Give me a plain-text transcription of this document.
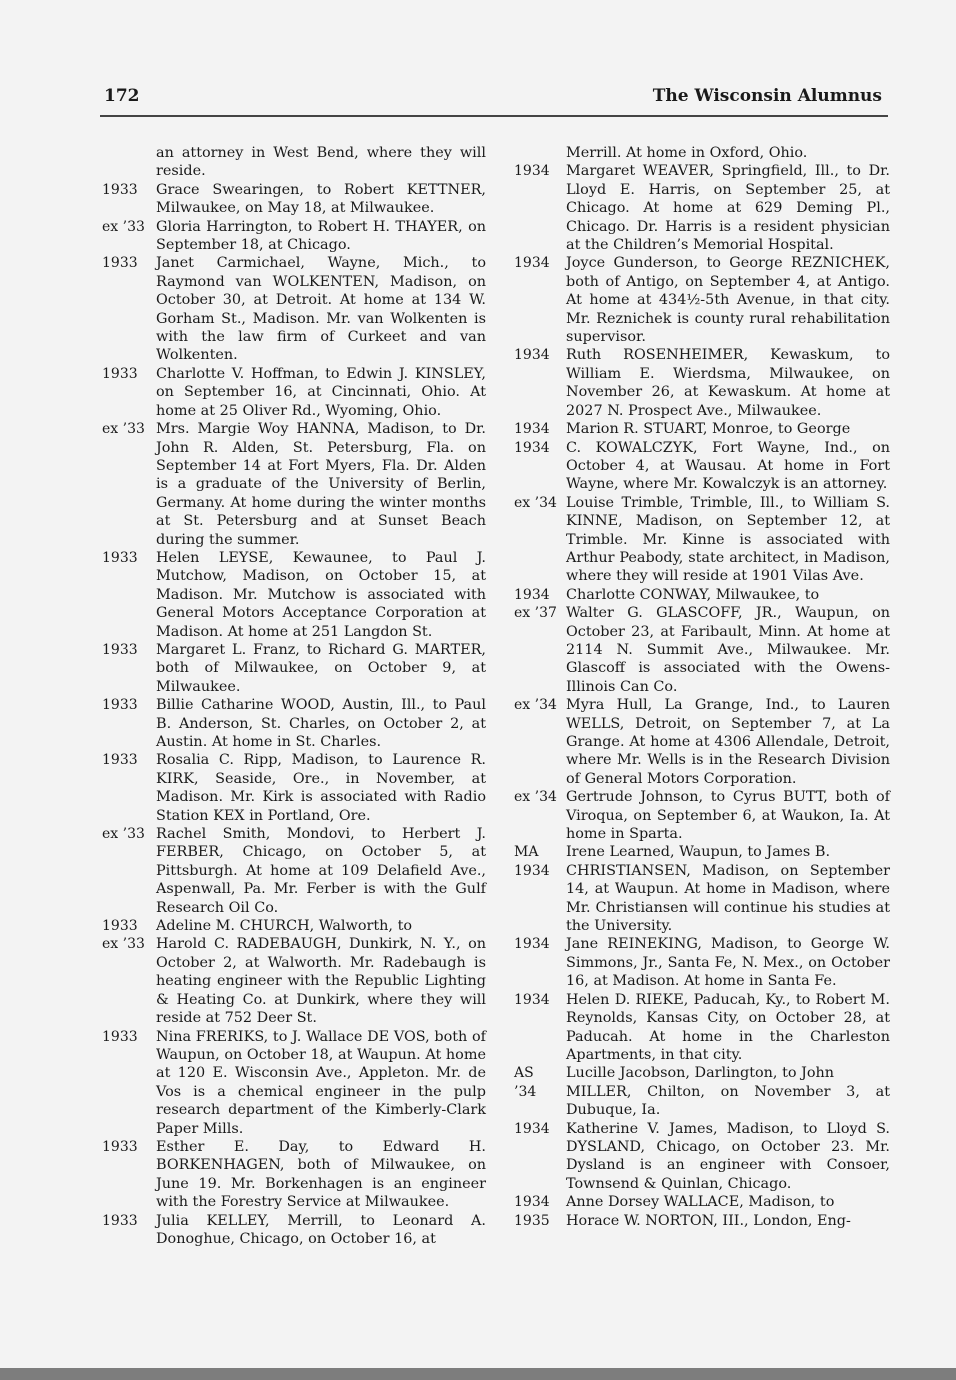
172	The Wisconsin Alumnus
an attorney in West Bend, where they will reside.
1933	Grace Swearingen, to Robert KETTNER, Milwaukee, on May 18, at Milwaukee.
ex ’33 Gloria Harrington, to Robert H. THAYER, on September 18, at Chicago.
1933	Janet Carmichael, Wayne, Mich., to Raymond van WOLKENTEN, Madison, on October 30, at Detroit. At home at 134 W. Gorham St., Madison. Mr. van Wolkenten is with the law firm of Curkeet and van Wolkenten.
1933	Charlotte V. Hoffman, to Edwin J. KINSLEY, on September 16, at Cincinnati, Ohio. At home at 25 Oliver Rd., Wyoming, Ohio.
ex ’33 Mrs. Margie Woy HANNA, Madison, to Dr. John R. Alden, St. Petersburg, Fla. on September 14 at Fort Myers, Fla. Dr. Alden is a graduate of the University of Berlin, Germany. At home during the winter months at St. Petersburg and at Sunset Beach during the summer.
1933	Helen LEYSE, Kewaunee, to Paul J. Mutchow, Madison, on October 15, at Madison. Mr. Mutchow is associated with General Motors Acceptance Corporation at Madison. At home at 251 Langdon St.
1933	Margaret L. Franz, to Richard G. MARTER, both of Milwaukee, on October 9, at Milwaukee.
1933	Billie Catharine WOOD, Austin, Ill., to Paul B. Anderson, St. Charles, on October 2, at Austin. At home in St. Charles.
1933	Rosalia C. Ripp, Madison, to Laurence R. KIRK, Seaside, Ore., in November, at Madison. Mr. Kirk is associated with Radio Station KEX in Portland, Ore.
ex ’33 Rachel Smith, Mondovi, to Herbert J. FERBER, Chicago, on October 5, at Pittsburgh. At home at 109 Delafield Ave., Aspenwall, Pa. Mr. Ferber is with the Gulf Research Oil Co.
1933	Adeline M. CHURCH, Walworth, to
ex ’33 Harold C. RADEBAUGH, Dunkirk, N. Y., on October 2, at Walworth. Mr. Radebaugh is heating engineer with the Republic Lighting & Heating Co. at Dunkirk, where they will reside at 752 Deer St.
1933	Nina FRERIKS, to J. Wallace DE VOS, both of Waupun, on October 18, at Waupun. At home at 120 E. Wisconsin Ave., Appleton. Mr. de Vos is a chemical engineer in the pulp research department of the Kimberly-Clark Paper Mills.
1933	Esther E. Day, to Edward H. BORKENHAGEN, both of Milwaukee, on June 19. Mr. Borkenhagen is an engineer with the Forestry Service at Milwaukee.
1933	Julia KELLEY, Merrill, to Leonard A. Donoghue, Chicago, on October 16, at
Merrill. At home in Oxford, Ohio.
1934	Margaret WEAVER, Springfield, Ill., to Dr. Lloyd E. Harris, on September 25, at Chicago. At home at 629 Deming Pl., Chicago. Dr. Harris is a resident physician at the Children’s Memorial Hospital.
1934	Joyce Gunderson, to George REZNICHEK, both of Antigo, on September 4, at Antigo. At home at 434½-5th Avenue, in that city. Mr. Reznichek is county rural rehabilitation supervisor.
1934	Ruth ROSENHEIMER, Kewaskum, to William E. Wierdsma, Milwaukee, on November 26, at Kewaskum. At home at 2027 N. Prospect Ave., Milwaukee.
1934	Marion R. STUART, Monroe, to George
1934	C. KOWALCZYK, Fort Wayne, Ind., on October 4, at Wausau. At home in Fort Wayne, where Mr. Kowalczyk is an attorney.
ex ’34 Louise Trimble, Trimble, Ill., to William S. KINNE, Madison, on September 12, at Trimble. Mr. Kinne is associated with Arthur Peabody, state architect, in Madison, where they will reside at 1901 Vilas Ave.
1934	Charlotte CONWAY, Milwaukee, to
ex ’37 Walter G. GLASCOFF, JR., Waupun, on October 23, at Faribault, Minn. At home at 2114 N. Summit Ave., Milwaukee. Mr. Glascoff is associated with the Owens-Illinois Can Co.
ex ’34 Myra Hull, La Grange, Ind., to Lauren WELLS, Detroit, on September 7, at La Grange. At home at 4306 Allendale, Detroit, where Mr. Wells is in the Research Division of General Motors Corporation.
ex ’34 Gertrude Johnson, to Cyrus BUTT, both of Viroqua, on September 6, at Waukon, Ia. At home in Sparta.
MA	Irene Learned, Waupun, to James B.
1934	CHRISTIANSEN, Madison, on September 14, at Waupun. At home in Madison, where Mr. Christiansen will continue his studies at the University.
1934	Jane REINEKING, Madison, to George W. Simmons, Jr., Santa Fe, N. Mex., on October 16, at Madison. At home in Santa Fe.
1934	Helen D. RIEKE, Paducah, Ky., to Robert M. Reynolds, Kansas City, on October 28, at Paducah. At home in the Charleston Apartments, in that city.
AS	Lucille Jacobson, Darlington, to John
’34	MILLER, Chilton, on November 3, at Dubuque, Ia.
1934	Katherine V. James, Madison, to Lloyd S. DYSLAND, Chicago, on October 23. Mr. Dysland is an engineer with Consoer, Townsend & Quinlan, Chicago.
1934	Anne Dorsey WALLACE, Madison, to
1935	Horace W. NORTON, III., London, Eng-
